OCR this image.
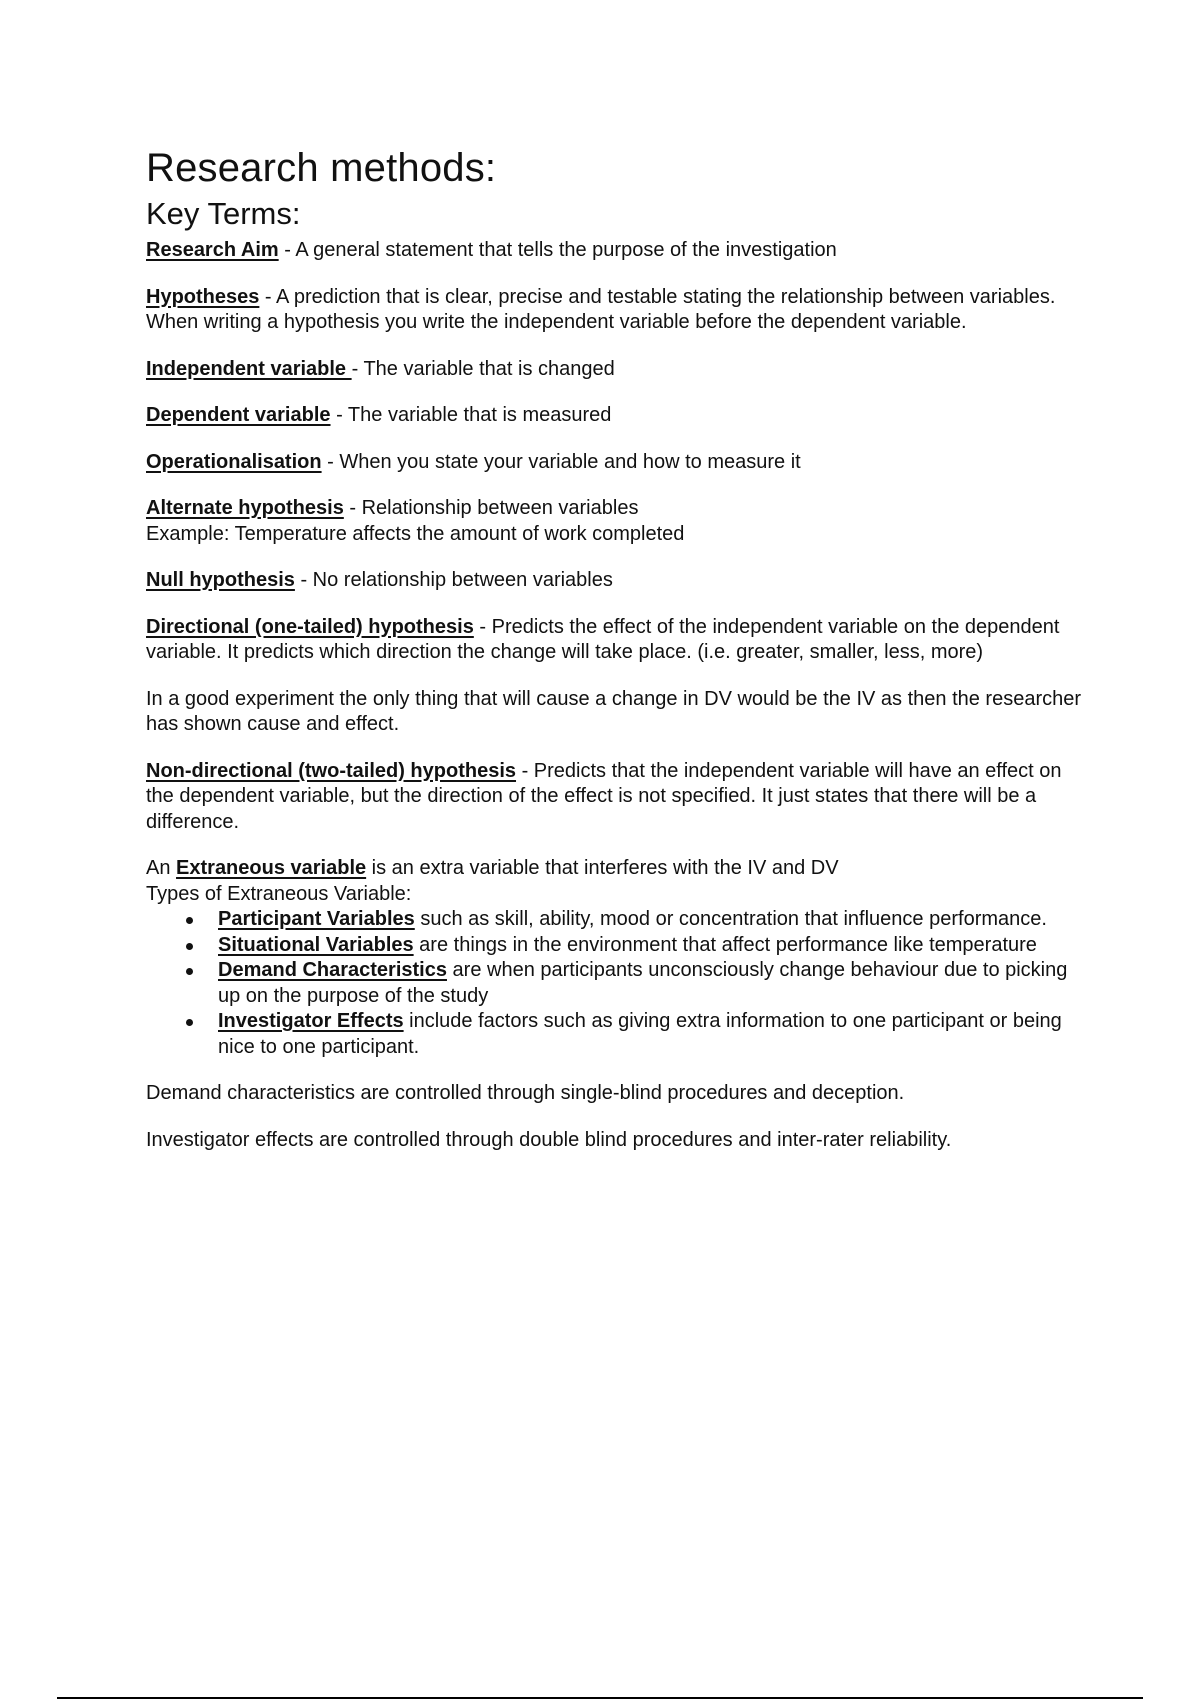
Research methods:
Key Terms:

Research Aim - A general statement that tells the purpose of the investigation

Hypotheses - A prediction that is clear, precise and testable stating the relationship between variables. When writing a hypothesis you write the independent variable before the dependent variable.

Independent variable - The variable that is changed

Dependent variable - The variable that is measured

Operationalisation - When you state your variable and how to measure it

Alternate hypothesis - Relationship between variables
Example: Temperature affects the amount of work completed

Null hypothesis - No relationship between variables

Directional (one-tailed) hypothesis - Predicts the effect of the independent variable on the dependent variable. It predicts which direction the change will take place. (i.e. greater, smaller, less, more)

In a good experiment the only thing that will cause a change in DV would be the IV as then the researcher has shown cause and effect.

Non-directional (two-tailed) hypothesis - Predicts that the independent variable will have an effect on the dependent variable, but the direction of the effect is not specified. It just states that there will be a difference.

An Extraneous variable is an extra variable that interferes with the IV and DV
Types of Extraneous Variable:

Participant Variables such as skill, ability, mood or concentration that influence performance.
Situational Variables are things in the environment that affect performance like temperature
Demand Characteristics are when participants unconsciously change behaviour due to picking up on the purpose of the study
Investigator Effects include factors such as giving extra information to one participant or being nice to one participant.

Demand characteristics are controlled through single-blind procedures and deception.

Investigator effects are controlled through double blind procedures and inter-rater reliability.
